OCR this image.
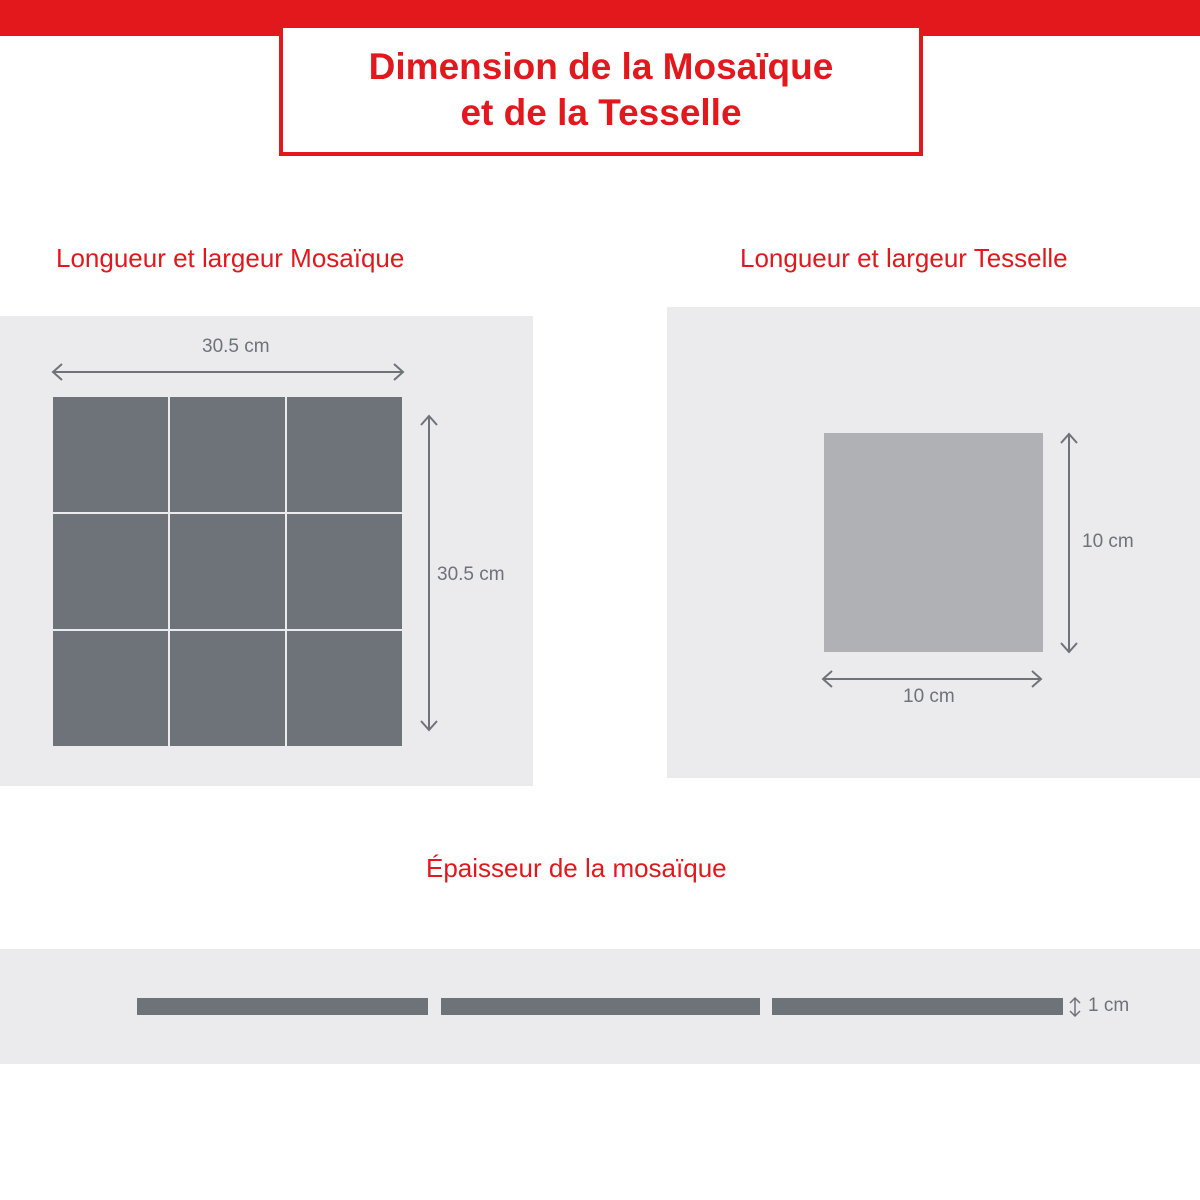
Dimension de la Mosaïque
et de la Tesselle
Longueur et largeur Mosaïque
30.5 cm
30.5 cm
Longueur et largeur Tesselle
10 cm
10 cm
Épaisseur de la mosaïque
1 cm
